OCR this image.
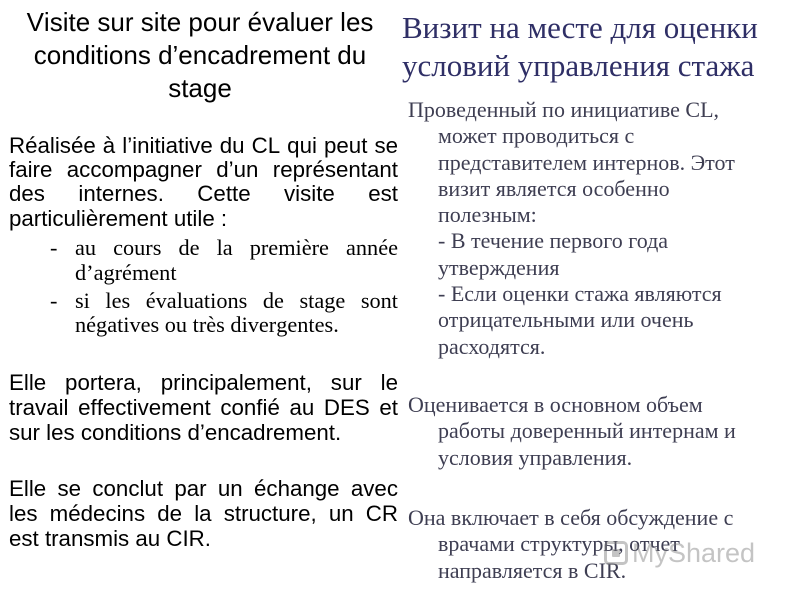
Visite sur site pour évaluer les conditions d’encadrement du stage

Réalisée à l’initiative du CL qui peut se faire accompagner d’un représentant des internes. Cette visite est particulièrement utile :

- au cours de la première année d’agrément
- si les évaluations de stage sont négatives ou très divergentes.

Elle portera, principalement, sur le travail effectivement confié au DES et sur les conditions d’encadrement.

Elle se conclut par un échange avec les médecins de la structure, un CR est transmis au CIR.

Визит на месте для оценки
условий управления стажа
Проведенный по инициативе CL,
может проводиться с
представителем интернов. Этот
визит является особенно
полезным:
- В течение первого года
утверждения
- Если оценки стажа являются
отрицательными или очень
расходятся.
Оценивается в основном объем
работы доверенный интернам и
условия управления.
Она включает в себя обсуждение с
врачами структуры, отчет
направляется в CIR.
MyShared
